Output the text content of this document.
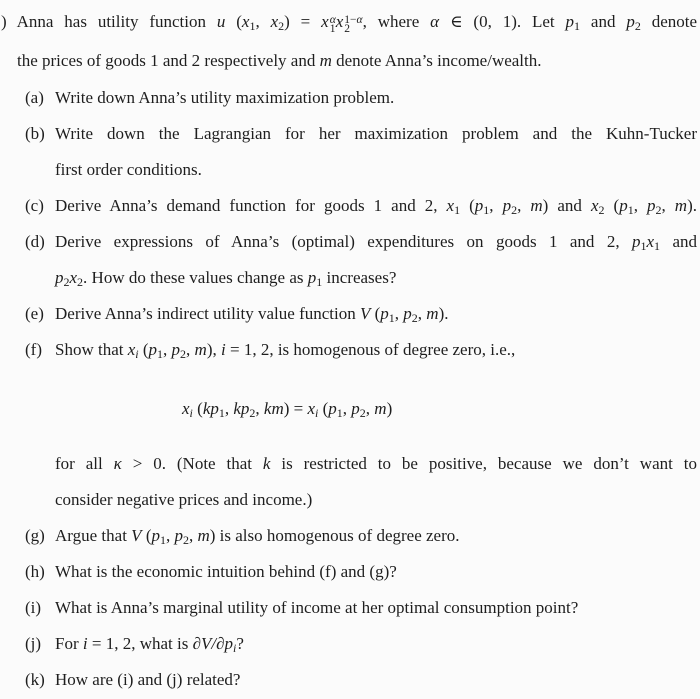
) Anna has utility function u ($x_1$, $x_2) = x$ α
1 x 1−α
2 , where α ∈ (0, 1). Let $p_1$ and $p_2$ denote
the prices of goods 1 and 2 respectively and m denote Anna’s income/wealth.
(a) Write down Anna’s utility maximization problem.
(b) Write down the Lagrangian for her maximization problem and the Kuhn-Tucker
first order conditions.
(c) Derive Anna’s demand function for goods 1 and 2, $x_1$ ($p_1$, $p_2$, m) and $x_2$ ($p_1$, $p_2$, m).
(d) Derive expressions of Anna’s (optimal) expenditures on goods 1 and 2, $p_1x_1$ and
$p_2x_2$. How do these values change as $p_1$ increases?
(e) Derive Anna’s indirect utility value function V ($p_1$, $p_2$, m).
(f) Show that $x_i$ ($p_1$, $p_2$, m), i = 1, 2, is homogenous of degree zero, i.e.,
$x_i$ ($kp_1$, $kp_2$, $km) = x_i$ ($p_1$, $p_2$, m)
for all κ > 0. (Note that k is restricted to be positive, because we don’t want to
consider negative prices and income.)
(g) Argue that V ($p_1$, $p_2$, m) is also homogenous of degree zero.
(h) What is the economic intuition behind (f) and (g)?
(i) What is Anna’s marginal utility of income at her optimal consumption point?
(j) For i = 1, 2, what is $\partial V/\partial p_i$?
(k) How are (i) and (j) related?
